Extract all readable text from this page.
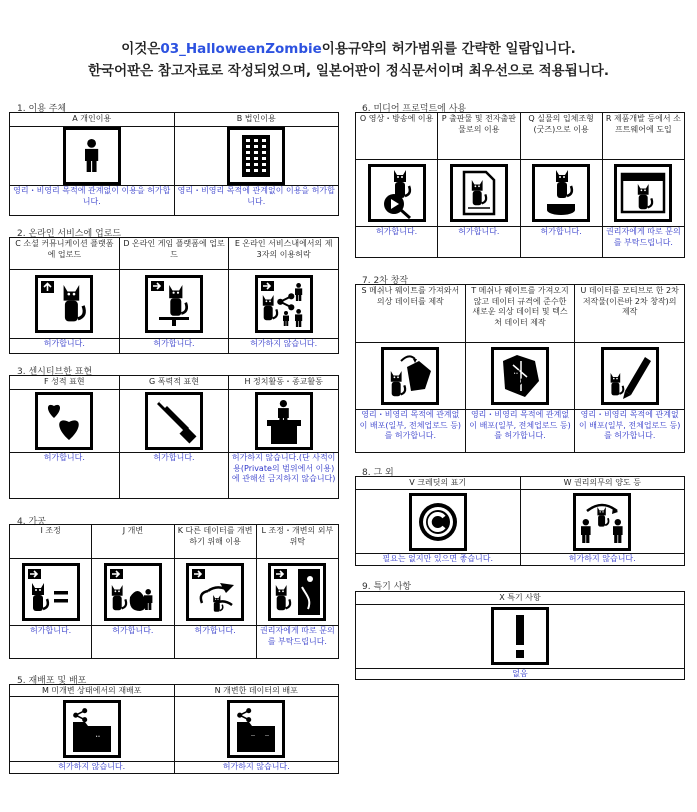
이것은03_HalloweenZombie이용규약의 허가범위를 간략한 일람입니다.
한국어판은 참고자료로 작성되었으며, 일본어판이 정식문서이며 최우선으로 적용됩니다.
1. 이용 주체
A 개인이용
영리・비영리 목적에 관계없이 이용을 허가합니다.
B 법인이용
영리・비영리 목적에 관계없이 이용을 허가합니다.
2. 온라인 서비스에 업로드
C 소셜 커뮤니케이션 플랫폼에 업로드
허가합니다.
D 온라인 게임 플랫폼에 업로드
허가합니다.
E 온라인 서비스내에서의 제3자의 이용허락
허가하지 않습니다.
3. 센시티브한 표현
F 성적 표현
허가합니다.
G 폭력적 표현
허가합니다.
H 정치활동・종교활동
허가하지 않습니다.(단 사적이용(Private의 범위에서 이용)에 관해선 금지하지 않습니다)
4. 가공
I 조정
허가합니다.
J 개변
허가합니다.
K 다른 데이터를 개변하기 위해 이용
허가합니다.
L 조정・개변의 외부위탁
권리자에게 따로 문의를 부탁드립니다.
5. 재배포 및 배포
M 미개변 상태에서의 재배포
허가하지 않습니다.
N 개변한 데이터의 배포
허가하지 않습니다.
6. 미디어 프로덕트에 사용
O 영상・방송에 이용
허가합니다.
P 출판물 및 전자출판물로의 이용
허가합니다.
Q 실물의 입체조형(굿즈)으로 이용
허가합니다.
R 제품개발 등에서 소프트웨어에 도입
권리자에게 따로 문의를 부탁드립니다.
7. 2차 창작
S 메쉬나 웨이트를 가져와서 의상 데이터를 제작
영리・비영리 목적에 관계없이 배포(일부, 전체업로드 등)를 허가합니다.
T 메쉬나 웨이트를 가져오지 않고 데이터 규격에 준수한 새로운 의상 데이터 및 텍스처 데이터 제작
영리・비영리 목적에 관계없이 배포(일부, 전체업로드 등)를 허가합니다.
U 데이터를 모티브로 한 2차 저작물(이른바 2차 창작)의 제작
영리・비영리 목적에 관계없이 배포(일부, 전체업로드 등)를 허가합니다.
8. 그 외
V 크레딧의 표기
필요는 없지만 있으면 좋습니다.
W 권리의무의 양도 등
허가하지 않습니다.
9. 특기 사항
X 특기 사항
없음
